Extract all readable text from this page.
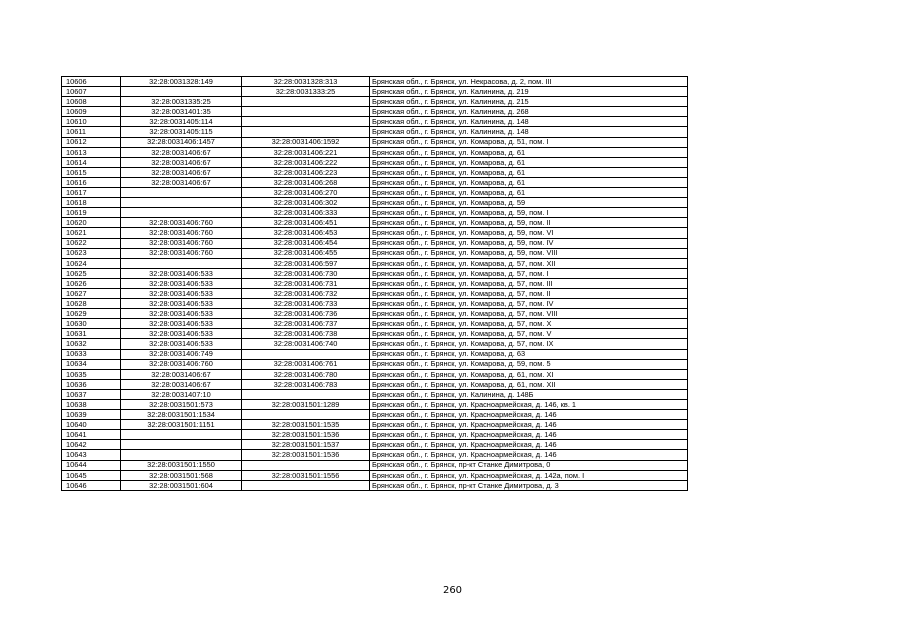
10606	32:28:0031328:149	32:28:0031328:313	Брянская обл., г. Брянск, ул. Некрасова, д. 2, пом. III
10607		32:28:0031333:25	Брянская обл., г. Брянск, ул. Калинина, д. 219
10608	32:28:0031335:25		Брянская обл., г. Брянск, ул. Калинина, д. 215
10609	32:28:0031401:35		Брянская обл., г. Брянск, ул. Калинина, д. 268
10610	32:28:0031405:114		Брянская обл., г. Брянск, ул. Калинина, д. 148
10611	32:28:0031405:115		Брянская обл., г. Брянск, ул. Калинина, д. 148
10612	32:28:0031406:1457	32:28:0031406:1592	Брянская обл., г. Брянск, ул. Комарова, д. 51, пом. I
10613	32:28:0031406:67	32:28:0031406:221	Брянская обл., г. Брянск, ул. Комарова, д. 61
10614	32:28:0031406:67	32:28:0031406:222	Брянская обл., г. Брянск, ул. Комарова, д. 61
10615	32:28:0031406:67	32:28:0031406:223	Брянская обл., г. Брянск, ул. Комарова, д. 61
10616	32:28:0031406:67	32:28:0031406:268	Брянская обл., г. Брянск, ул. Комарова, д. 61
10617		32:28:0031406:270	Брянская обл., г. Брянск, ул. Комарова, д. 61
10618		32:28:0031406:302	Брянская обл., г. Брянск, ул. Комарова, д. 59
10619		32:28:0031406:333	Брянская обл., г. Брянск, ул. Комарова, д. 59, пом. I
10620	32:28:0031406:760	32:28:0031406:451	Брянская обл., г. Брянск, ул. Комарова, д. 59, пом. II
10621	32:28:0031406:760	32:28:0031406:453	Брянская обл., г. Брянск, ул. Комарова, д. 59, пом. VI
10622	32:28:0031406:760	32:28:0031406:454	Брянская обл., г. Брянск, ул. Комарова, д. 59, пом. IV
10623	32:28:0031406:760	32:28:0031406:455	Брянская обл., г. Брянск, ул. Комарова, д. 59, пом. VIII
10624		32:28:0031406:597	Брянская обл., г. Брянск, ул. Комарова, д. 57, пом. XII
10625	32:28:0031406:533	32:28:0031406:730	Брянская обл., г. Брянск, ул. Комарова, д. 57, пом. I
10626	32:28:0031406:533	32:28:0031406:731	Брянская обл., г. Брянск, ул. Комарова, д. 57, пом. III
10627	32:28:0031406:533	32:28:0031406:732	Брянская обл., г. Брянск, ул. Комарова, д. 57, пом. II
10628	32:28:0031406:533	32:28:0031406:733	Брянская обл., г. Брянск, ул. Комарова, д. 57, пом. IV
10629	32:28:0031406:533	32:28:0031406:736	Брянская обл., г. Брянск, ул. Комарова, д. 57, пом. VIII
10630	32:28:0031406:533	32:28:0031406:737	Брянская обл., г. Брянск, ул. Комарова, д. 57, пом. X
10631	32:28:0031406:533	32:28:0031406:738	Брянская обл., г. Брянск, ул. Комарова, д. 57, пом. V
10632	32:28:0031406:533	32:28:0031406:740	Брянская обл., г. Брянск, ул. Комарова, д. 57, пом. IX
10633	32:28:0031406:749		Брянская обл., г. Брянск, ул. Комарова, д. 63
10634	32:28:0031406:760	32:28:0031406:761	Брянская обл., г. Брянск, ул. Комарова, д. 59, пом. 5
10635	32:28:0031406:67	32:28:0031406:780	Брянская обл., г. Брянск, ул. Комарова, д. 61, пом. XI
10636	32:28:0031406:67	32:28:0031406:783	Брянская обл., г. Брянск, ул. Комарова, д. 61, пом. XII
10637	32:28:0031407:10		Брянская обл., г. Брянск, ул. Калинина, д. 148Б
10638	32:28:0031501:573	32:28:0031501:1289	Брянская обл., г. Брянск, ул. Красноармейская, д. 146, кв. 1
10639	32:28:0031501:1534		Брянская обл., г. Брянск, ул. Красноармейская, д. 146
10640	32:28:0031501:1151	32:28:0031501:1535	Брянская обл., г. Брянск, ул. Красноармейская, д. 146
10641		32:28:0031501:1536	Брянская обл., г. Брянск, ул. Красноармейская, д. 146
10642		32:28:0031501:1537	Брянская обл., г. Брянск, ул. Красноармейская, д. 146
10643		32:28:0031501:1536	Брянская обл., г. Брянск, ул. Красноармейская, д. 146
10644	32:28:0031501:1550		Брянская обл., г. Брянск, пр-кт Станке Димитрова, 0
10645	32:28:0031501:568	32:28:0031501:1556	Брянская обл., г. Брянск, ул. Красноармейская, д. 142а, пом. I
10646	32:28:0031501:604		Брянская обл., г. Брянск, пр-кт Станке Димитрова, д. 3
260
